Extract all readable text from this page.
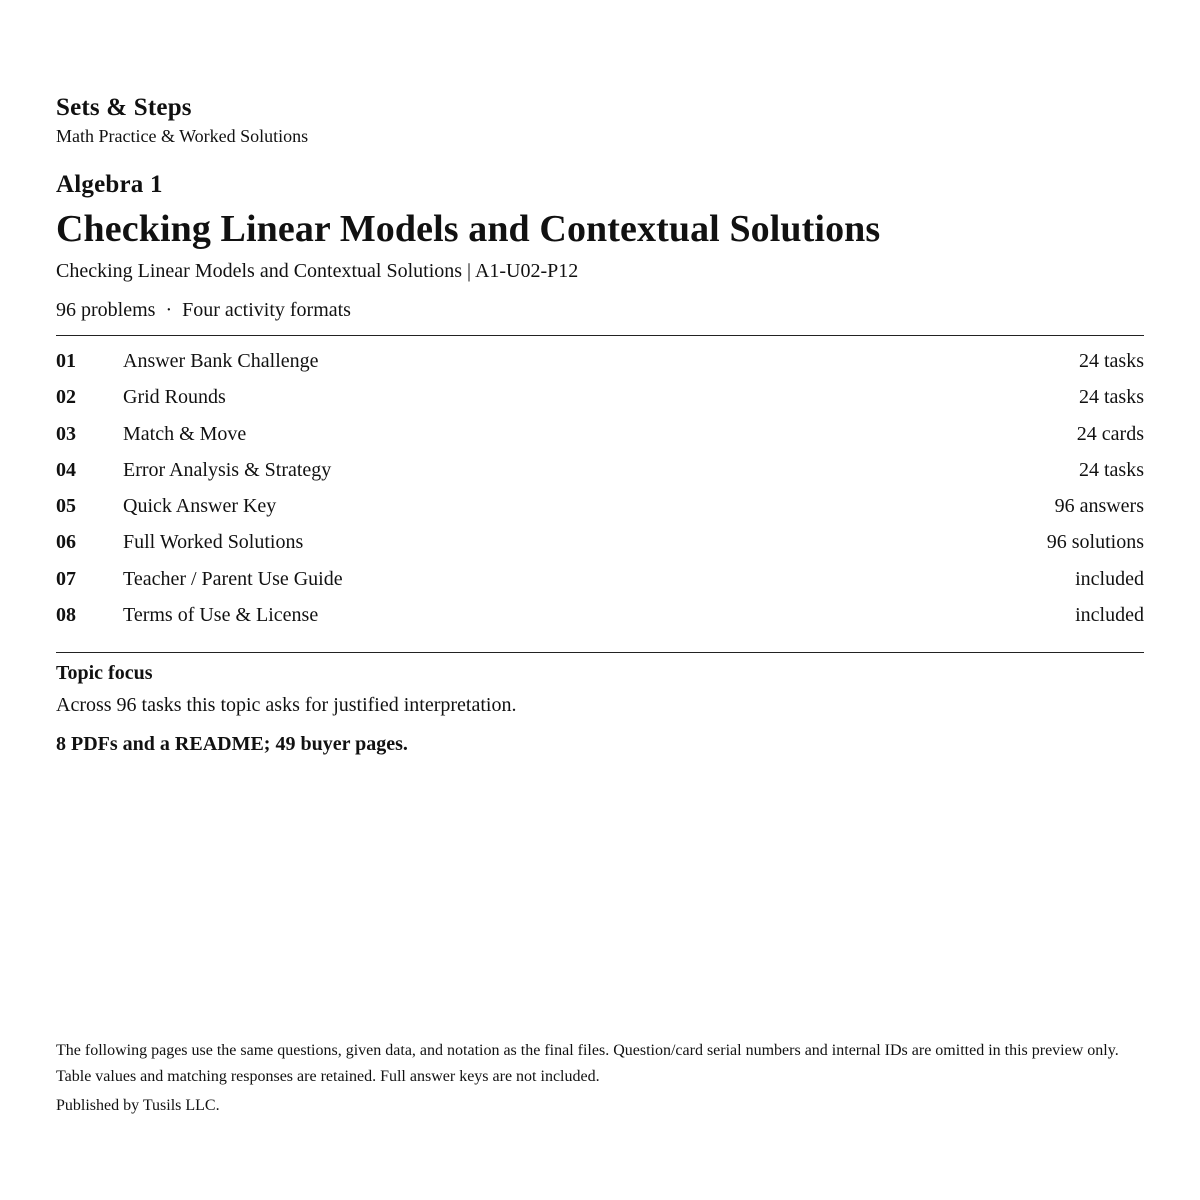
Sets & Steps
Math Practice & Worked Solutions
Algebra 1
Checking Linear Models and Contextual Solutions
Checking Linear Models and Contextual Solutions | A1-U02-P12
96 problems · Four activity formats
01 Answer Bank Challenge	24 tasks
02 Grid Rounds	24 tasks
03 Match & Move	24 cards
04 Error Analysis & Strategy	24 tasks
05 Quick Answer Key	96 answers
06 Full Worked Solutions	96 solutions
07 Teacher / Parent Use Guide	included
08 Terms of Use & License	included
Topic focus
Across 96 tasks this topic asks for justified interpretation.
8 PDFs and a README; 49 buyer pages.
The following pages use the same questions, given data, and notation as the final files. Question/card serial numbers and internal IDs are omitted in this preview only. Table values and matching responses are retained. Full answer keys are not included.
Published by Tusils LLC.
